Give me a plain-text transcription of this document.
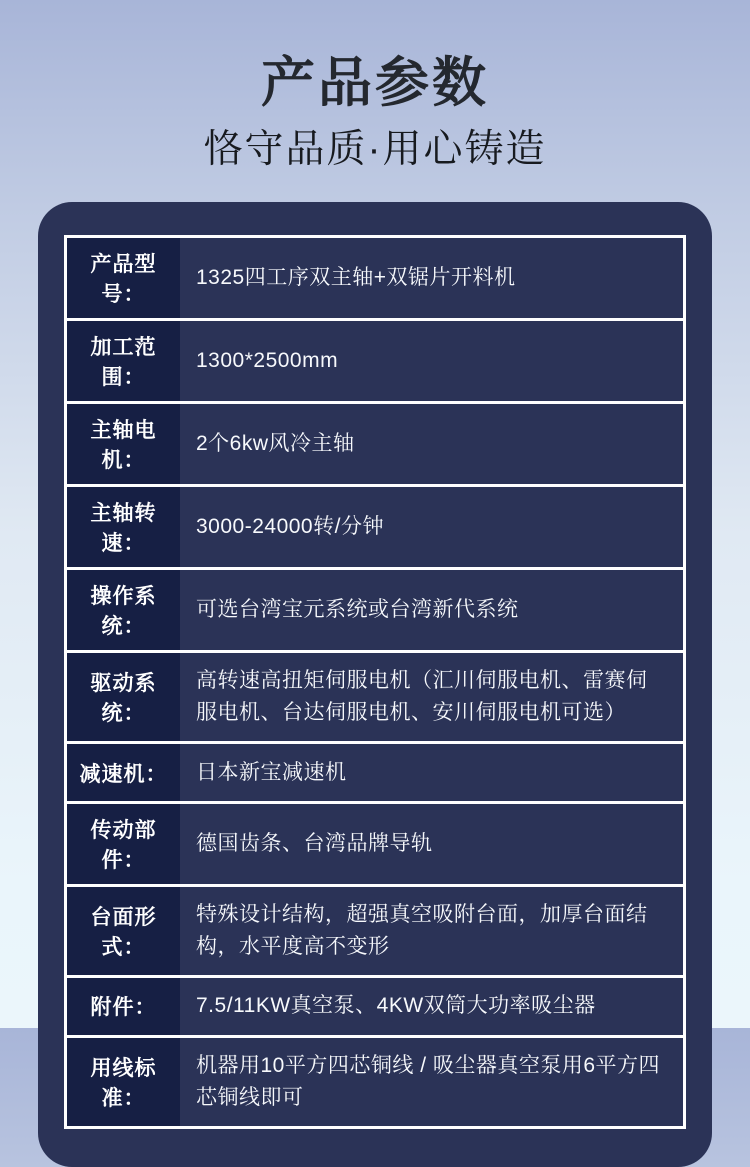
产品参数
恪守品质·用心铸造
产品型号：
1325四工序双主轴+双锯片开料机
加工范围：
1300*2500mm
主轴电机：
2个6kw风冷主轴
主轴转速：
3000-24000转/分钟
操作系统：
可选台湾宝元系统或台湾新代系统
驱动系统：
高转速高扭矩伺服电机（汇川伺服电机、雷赛伺服电机、台达伺服电机、安川伺服电机可选）
减速机：	日本新宝减速机
传动部件：
德国齿条、台湾品牌导轨
台面形式：
特殊设计结构，超强真空吸附台面，加厚台面结构，水平度高不变形
附件：	7.5/11KW真空泵、4KW双筒大功率吸尘器
用线标准：
机器用10平方四芯铜线 / 吸尘器真空泵用6平方四芯铜线即可
